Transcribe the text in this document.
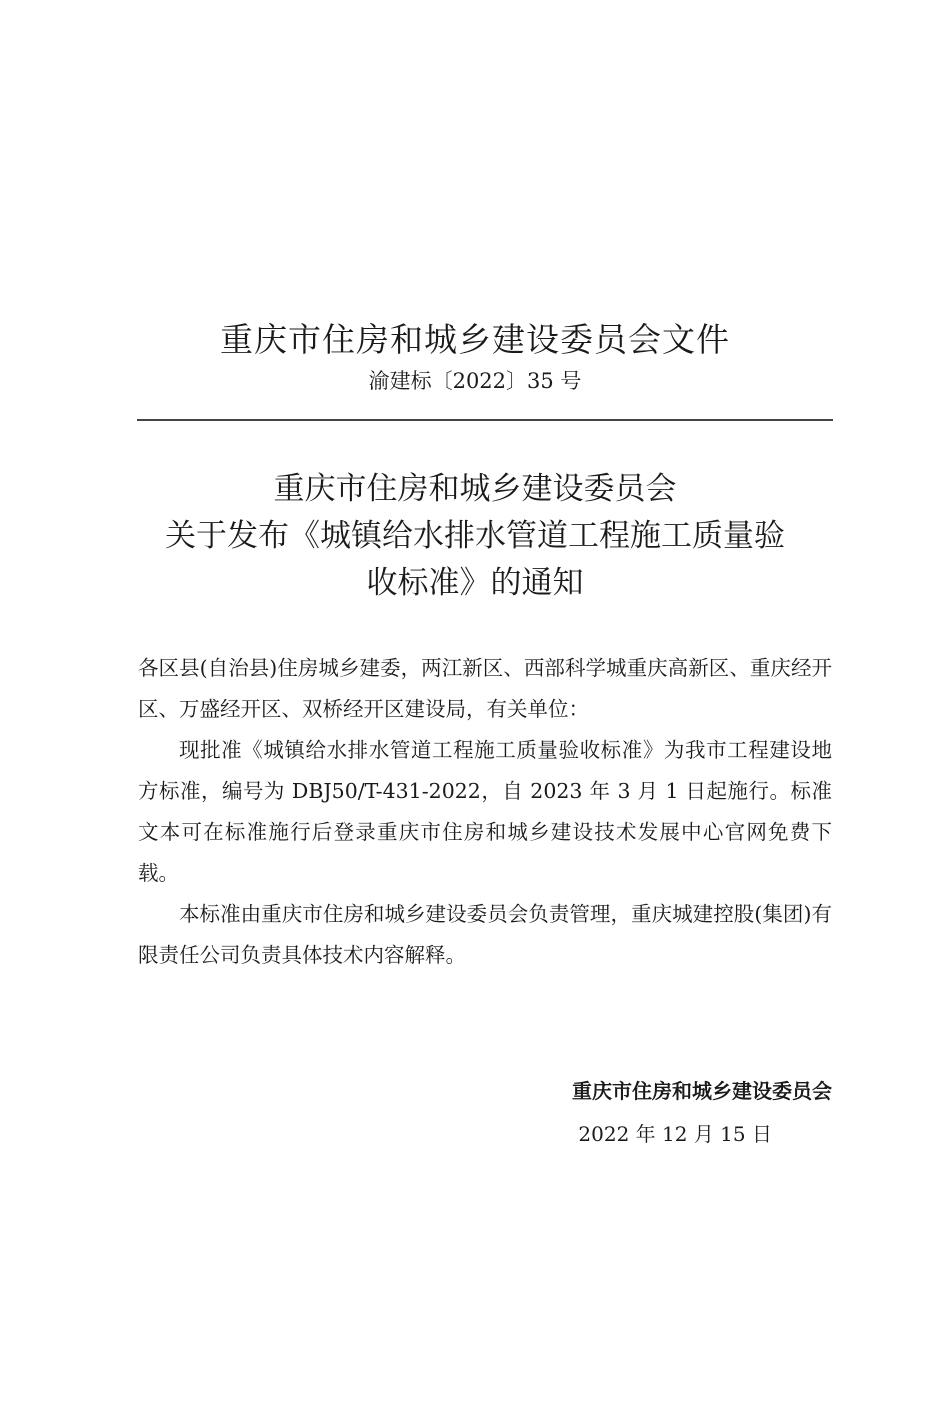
重庆市住房和城乡建设委员会文件
渝建标〔2022〕35 号
重庆市住房和城乡建设委员会
关于发布《城镇给水排水管道工程施工质量验
收标准》的通知

各区县(自治县)住房城乡建委，两江新区、西部科学城重庆高新区、重庆经开区、万盛经开区、双桥经开区建设局，有关单位：

现批准《城镇给水排水管道工程施工质量验收标准》为我市工程建设地方标准，编号为 DBJ50/T-431-2022，自 2023 年 3 月 1 日起施行。标准文本可在标准施行后登录重庆市住房和城乡建设技术发展中心官网免费下载。

本标准由重庆市住房和城乡建设委员会负责管理，重庆城建控股(集团)有限责任公司负责具体技术内容解释。

重庆市住房和城乡建设委员会
2022 年 12 月 15 日
